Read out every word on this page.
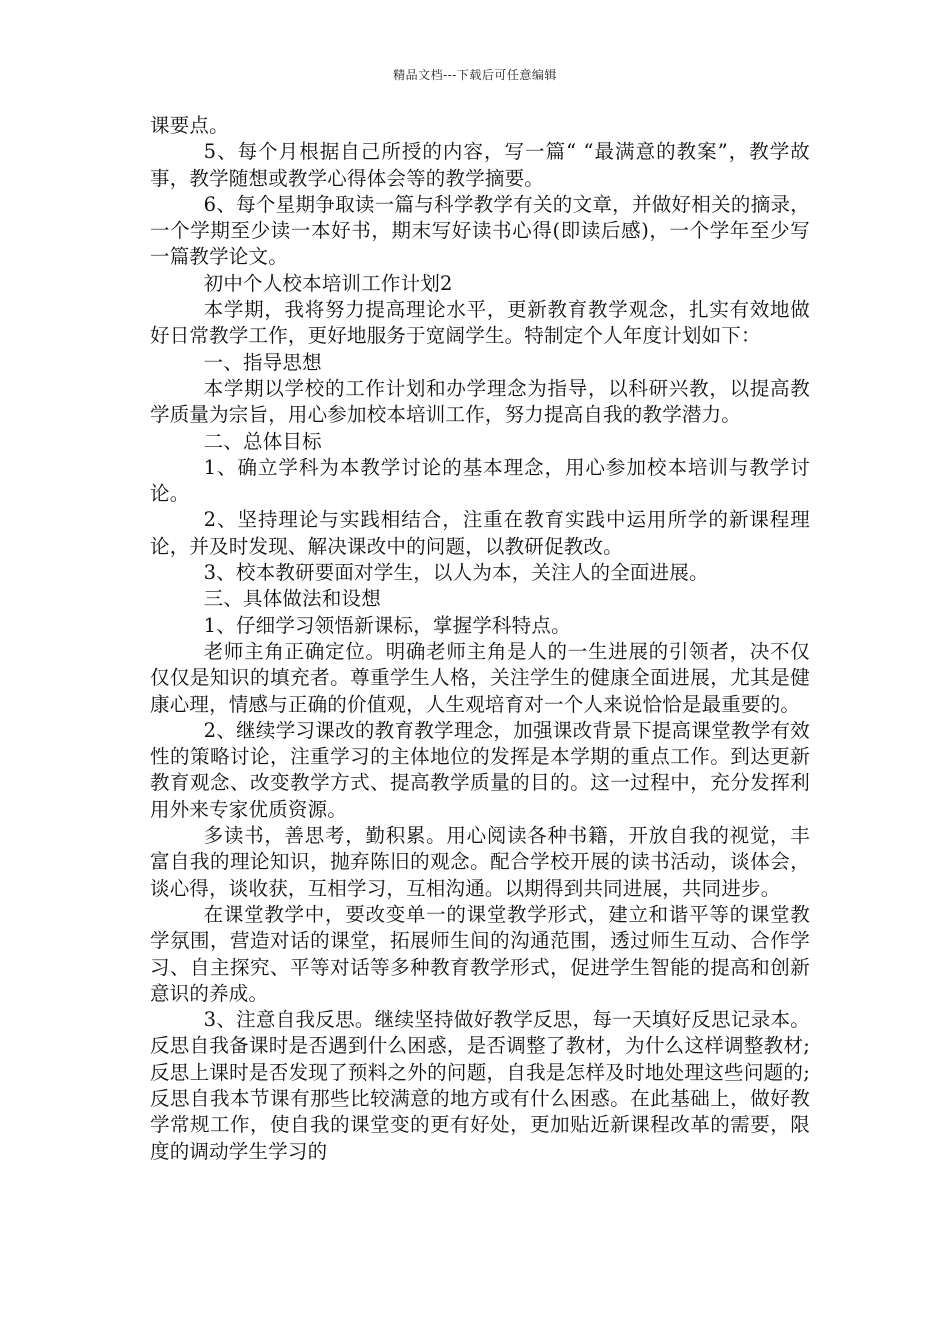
精品文档---下载后可任意编辑

课要点。

5、每个月根据自己所授的内容，写一篇“ “最满意的教案”，教学故事，教学随想或教学心得体会等的教学摘要。

6、每个星期争取读一篇与科学教学有关的文章，并做好相关的摘录，一个学期至少读一本好书，期末写好读书心得(即读后感)，一个学年至少写一篇教学论文。

初中个人校本培训工作计划2

本学期，我将努力提高理论水平，更新教育教学观念，扎实有效地做好日常教学工作，更好地服务于宽阔学生。特制定个人年度计划如下：

一、指导思想

本学期以学校的工作计划和办学理念为指导，以科研兴教，以提高教学质量为宗旨，用心参加校本培训工作，努力提高自我的教学潜力。

二、总体目标

1、确立学科为本教学讨论的基本理念，用心参加校本培训与教学讨论。

2、坚持理论与实践相结合，注重在教育实践中运用所学的新课程理论，并及时发现、解决课改中的问题，以教研促教改。

3、校本教研要面对学生，以人为本，关注人的全面进展。

三、具体做法和设想

1、仔细学习领悟新课标，掌握学科特点。

老师主角正确定位。明确老师主角是人的一生进展的引领者，决不仅仅仅是知识的填充者。尊重学生人格，关注学生的健康全面进展，尤其是健康心理，情感与正确的价值观，人生观培育对一个人来说恰恰是最重要的。

2、继续学习课改的教育教学理念，加强课改背景下提高课堂教学有效性的策略讨论，注重学习的主体地位的发挥是本学期的重点工作。到达更新教育观念、改变教学方式、提高教学质量的目的。这一过程中，充分发挥利用外来专家优质资源。

多读书，善思考，勤积累。用心阅读各种书籍，开放自我的视觉，丰富自我的理论知识，抛弃陈旧的观念。配合学校开展的读书活动，谈体会，谈心得，谈收获，互相学习，互相沟通。以期得到共同进展，共同进步。

在课堂教学中，要改变单一的课堂教学形式，建立和谐平等的课堂教学氛围，营造对话的课堂，拓展师生间的沟通范围，透过师生互动、合作学习、自主探究、平等对话等多种教育教学形式，促进学生智能的提高和创新意识的养成。

3、注意自我反思。继续坚持做好教学反思，每一天填好反思记录本。反思自我备课时是否遇到什么困惑，是否调整了教材，为什么这样调整教材;反思上课时是否发现了预料之外的问题，自我是怎样及时地处理这些问题的;反思自我本节课有那些比较满意的地方或有什么困惑。在此基础上，做好教学常规工作，使自我的课堂变的更有好处，更加贴近新课程改革的需要，限度的调动学生学习的
